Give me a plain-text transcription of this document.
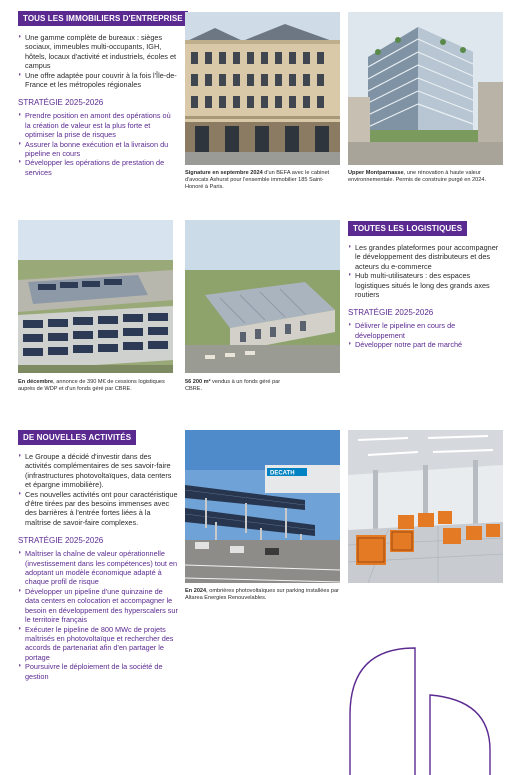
TOUS LES IMMOBILIERS D'ENTREPRISE
◗ Une gamme complète de bureaux : sièges sociaux, immeubles multi-occupants, IGH, hôtels, locaux d'activité et industriels, écoles et campus
◗ Une offre adaptée pour couvrir à la fois l'Île-de-France et les métropoles régionales
STRATÉGIE 2025-2026
◗ Prendre position en amont des opérations où la création de valeur est la plus forte et optimiser la prise de risques
◗ Assurer la bonne exécution et la livraison du pipeline en cours
◗ Développer les opérations de prestation de services	Signature en septembre 2024 d'un BEFA avec le cabinet d'avocats Ashurst pour l'ensemble immobilier 185 Saint-Honoré à Paris.
Upper Montparnasse, une rénovation à haute valeur environnementale. Permis de construire purgé en 2024.
En décembre, annonce de 390 M€ de cessions logistiques auprès de WDP et d'un fonds géré par CBRE.
56 200 m² vendus à un fonds géré par CBRE.
TOUTES LES LOGISTIQUES
◗ Les grandes plateformes pour accompagner le développement des distributeurs et des acteurs du e-commerce
◗ Hub multi-utilisateurs : des espaces logistiques situés le long des grands axes routiers
STRATÉGIE 2025-2026
◗ Délivrer le pipeline en cours de développement
◗ Développer notre part de marché
DE NOUVELLES ACTIVITÉS
◗ Le Groupe a décidé d'investir dans des activités complémentaires de ses savoir-faire (infrastructures photovoltaïques, data centers et épargne immobilière).
◗ Ces nouvelles activités ont pour caractéristique d'être tirées par des besoins immenses avec des barrières à l'entrée fortes liées à la maîtrise de savoir-faire complexes.
STRATÉGIE 2025-2026
◗ Maîtriser la chaîne de valeur opérationnelle (investissement dans les compétences) tout en adoptant un modèle économique adapté à chaque profil de risque
◗ Développer un pipeline d'une quinzaine de data centers en colocation et accompagner le besoin en développement des hyperscalers sur le territoire français
◗ Exécuter le pipeline de 800 MWc de projets maîtrisés en photovoltaïque et rechercher des accords de partenariat afin d'en partager le portage
◗ Poursuivre le déploiement de la société de gestion
DECATH
En 2024, ombrières photovoltaïques sur parking installées par Altarea Energies Renouvelables.
